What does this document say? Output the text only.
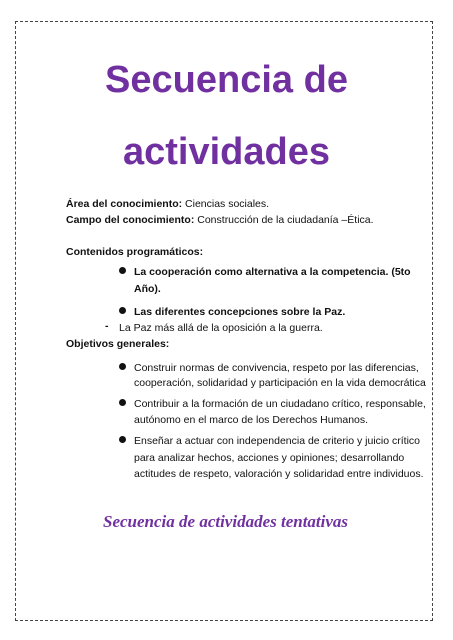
Secuencia de
actividades
Área del conocimiento: Ciencias sociales.
Campo del conocimiento: Construcción de la ciudadanía –Ética.
Contenidos programáticos:
La cooperación como alternativa a la competencia. (5to
Año).
Las diferentes concepciones sobre la Paz.
- La Paz más allá de la oposición a la guerra.
Objetivos generales:
Construir normas de convivencia, respeto por las diferencias,
cooperación, solidaridad y participación en la vida democrática
Contribuir a la formación de un ciudadano crítico, responsable,
autónomo en el marco de los Derechos Humanos.
Enseñar a actuar con independencia de criterio y juicio crítico
para analizar hechos, acciones y opiniones; desarrollando
actitudes de respeto, valoración y solidaridad entre individuos.
Secuencia de actividades tentativas
